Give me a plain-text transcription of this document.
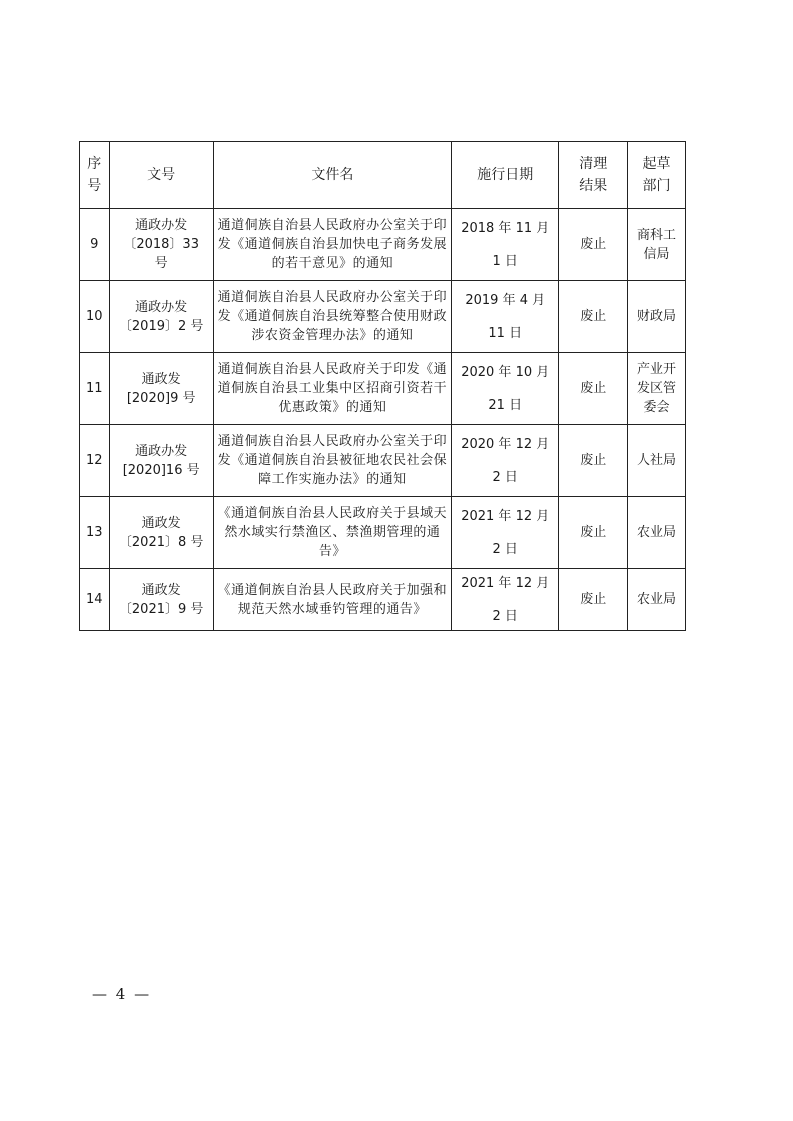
序
号	文号	文件名	施行日期	清理
结果	起草
部门

9	通政办发
〔2018〕33
号	通道侗族自治县人民政府办公室关于印发《通道侗族自治县加快电子商务发展的若干意见》的通知	2018 年 11 月
1 日	废止	商科工
信局

10	通政办发
〔2019〕2 号	通道侗族自治县人民政府办公室关于印发《通道侗族自治县统筹整合使用财政涉农资金管理办法》的通知	2019 年 4 月
11 日	废止	财政局

11	通政发
[2020]9 号	通道侗族自治县人民政府关于印发《通道侗族自治县工业集中区招商引资若干优惠政策》的通知	2020 年 10 月
21 日	废止	产业开
发区管
委会

12	通政办发
[2020]16 号	通道侗族自治县人民政府办公室关于印发《通道侗族自治县被征地农民社会保障工作实施办法》的通知	2020 年 12 月
2 日	废止	人社局

13	通政发
〔2021〕8 号	《通道侗族自治县人民政府关于县域天然水域实行禁渔区、禁渔期管理的通告》	2021 年 12 月
2 日	废止	农业局

14	通政发
〔2021〕9 号	《通道侗族自治县人民政府关于加强和规范天然水域垂钓管理的通告》	2021 年 12 月
2 日	废止	农业局
— 4 —
